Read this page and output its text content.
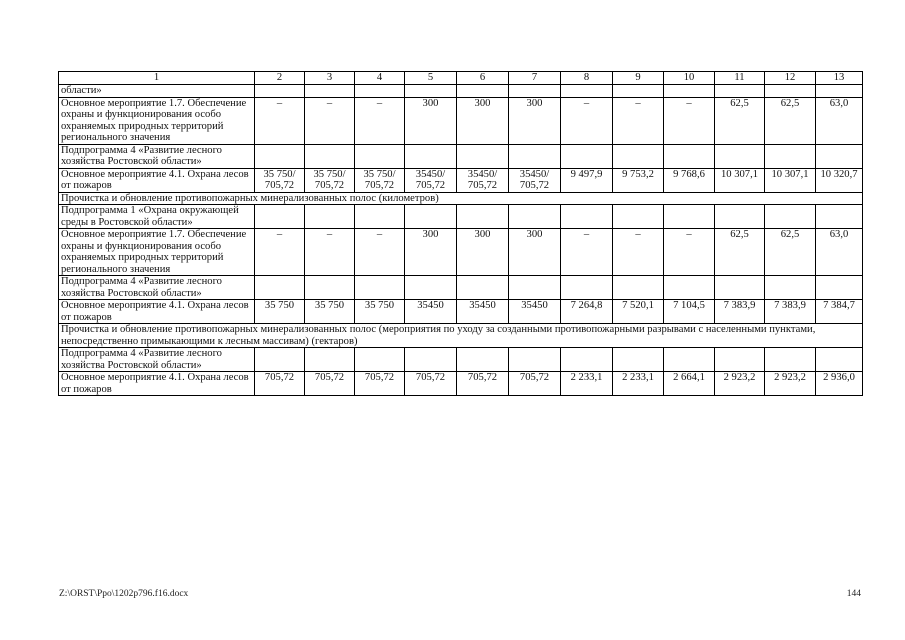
1	2	3	4	5	6	7	8	9	10	11	12	13
области»												
Основное мероприятие 1.7. Обеспечение охраны и функционирования особо охраняемых природных территорий регионального значения	–	–	–	300	300	300	–	–	–	62,5	62,5	63,0
Подпрограмма 4 «Развитие лесного хозяйства Ростовской области»												
Основное мероприятие 4.1. Охрана лесов от пожаров	35 750/ 705,72	35 750/ 705,72	35 750/ 705,72	35450/ 705,72	35450/ 705,72	35450/ 705,72	9 497,9	9 753,2	9 768,6	10 307,1	10 307,1	10 320,7
Прочистка и обновление противопожарных минерализованных полос (километров)												
Подпрограмма 1 «Охрана окружающей среды в Ростовской области»												
Основное мероприятие 1.7. Обеспечение охраны и функционирования особо охраняемых природных территорий регионального значения	–	–	–	300	300	300	–	–	–	62,5	62,5	63,0
Подпрограмма 4 «Развитие лесного хозяйства Ростовской области»												
Основное мероприятие 4.1. Охрана лесов от пожаров	35 750	35 750	35 750	35450	35450	35450	7 264,8	7 520,1	7 104,5	7 383,9	7 383,9	7 384,7
Прочистка и обновление противопожарных минерализованных полос (мероприятия по уходу за созданными противопожарными разрывами с населенными пунктами, непосредственно примыкающими к лесным массивам) (гектаров)												
Подпрограмма 4 «Развитие лесного хозяйства Ростовской области»												
Основное мероприятие 4.1. Охрана лесов от пожаров	705,72	705,72	705,72	705,72	705,72	705,72	2 233,1	2 233,1	2 664,1	2 923,2	2 923,2	2 936,0
Z:\ORST\Ppo\1202p796.f16.docx	144
